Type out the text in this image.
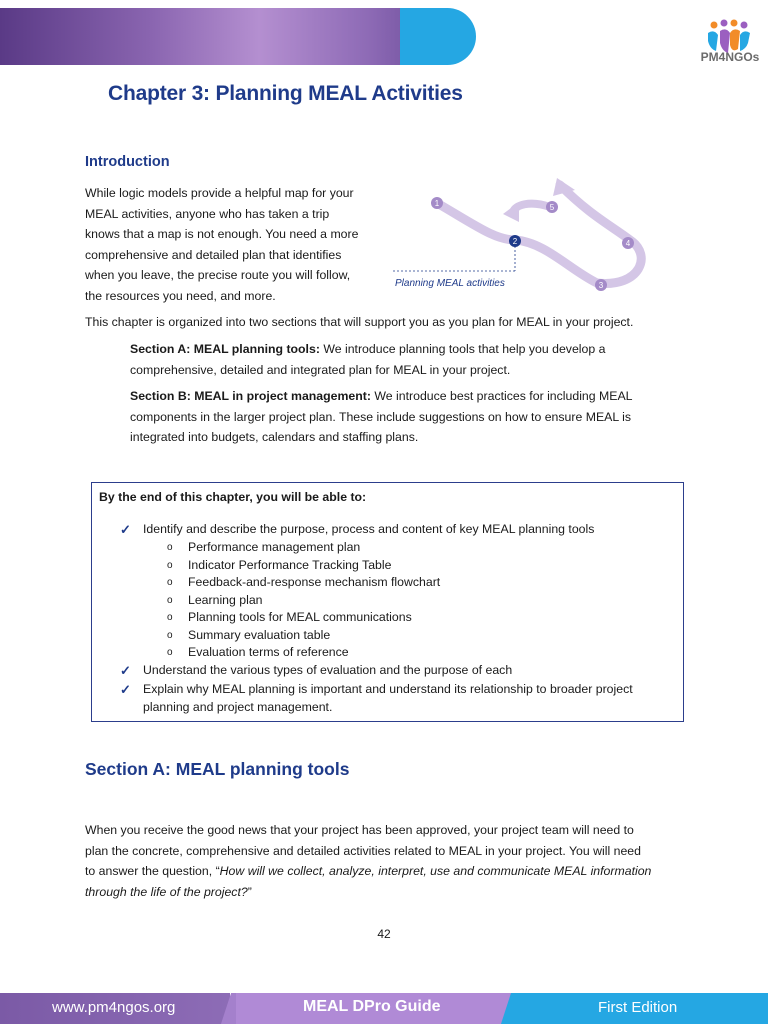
PM4NGOs
Chapter 3: Planning MEAL Activities
Introduction
While logic models provide a helpful map for your
MEAL activities, anyone who has taken a trip
knows that a map is not enough. You need a more
comprehensive and detailed plan that identifies
when you leave, the precise route you will follow,
the resources you need, and more.
1
2
3
4
5
Planning MEAL activities
This chapter is organized into two sections that will support you as you plan for MEAL in your project.
Section A: MEAL planning tools: We introduce planning tools that help you develop a
comprehensive, detailed and integrated plan for MEAL in your project.
Section B: MEAL in project management: We introduce best practices for including MEAL
components in the larger project plan. These include suggestions on how to ensure MEAL is
integrated into budgets, calendars and staffing plans.
By the end of this chapter, you will be able to:
✓ Identify and describe the purpose, process and content of key MEAL planning tools
o Performance management plan
o Indicator Performance Tracking Table
o Feedback-and-response mechanism flowchart
o Learning plan
o Planning tools for MEAL communications
o Summary evaluation table
o Evaluation terms of reference
✓ Understand the various types of evaluation and the purpose of each
✓ Explain why MEAL planning is important and understand its relationship to broader project
planning and project management.
Section A: MEAL planning tools
When you receive the good news that your project has been approved, your project team will need to
plan the concrete, comprehensive and detailed activities related to MEAL in your project. You will need
to answer the question, “How will we collect, analyze, interpret, use and communicate MEAL information
through the life of the project?”
42
www.pm4ngos.org	MEAL DPro Guide	First Edition
